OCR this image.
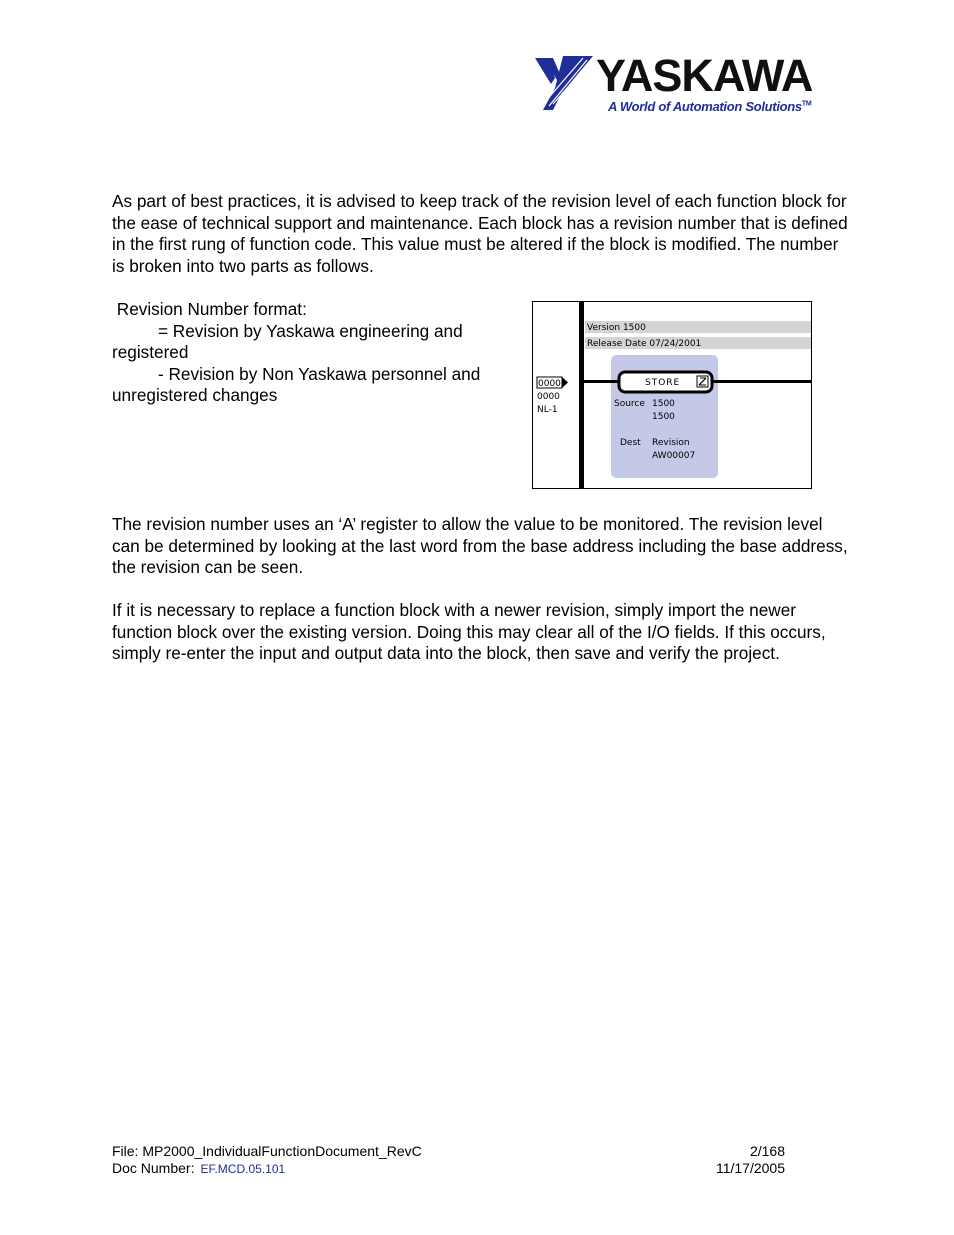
YASKAWA
A World of Automation Solutions™

As part of best practices, it is advised to keep track of the revision level of each function block for the ease of technical support and maintenance. Each block has a revision number that is defined in the first rung of function code. This value must be altered if the block is modified. The number is broken into two parts as follows.

Revision Number format:
= Revision by Yaskawa engineering and
registered
- Revision by Non Yaskawa personnel and
unregistered changes
Version 1500
Release Date 07/24/2001
STORE
0000
0000
NL-1
Source 1500
1500
Dest Revision
AW00007

The revision number uses an ‘A’ register to allow the value to be monitored. The revision level can be determined by looking at the last word from the base address including the base address, the revision can be seen.

If it is necessary to replace a function block with a newer revision, simply import the newer function block over the existing version. Doing this may clear all of the I/O fields. If this occurs, simply re-enter the input and output data into the block, then save and verify the project.

File: MP2000_IndividualFunctionDocument_RevC
Doc Number: EF.MCD.05.101
2/168
11/17/2005
